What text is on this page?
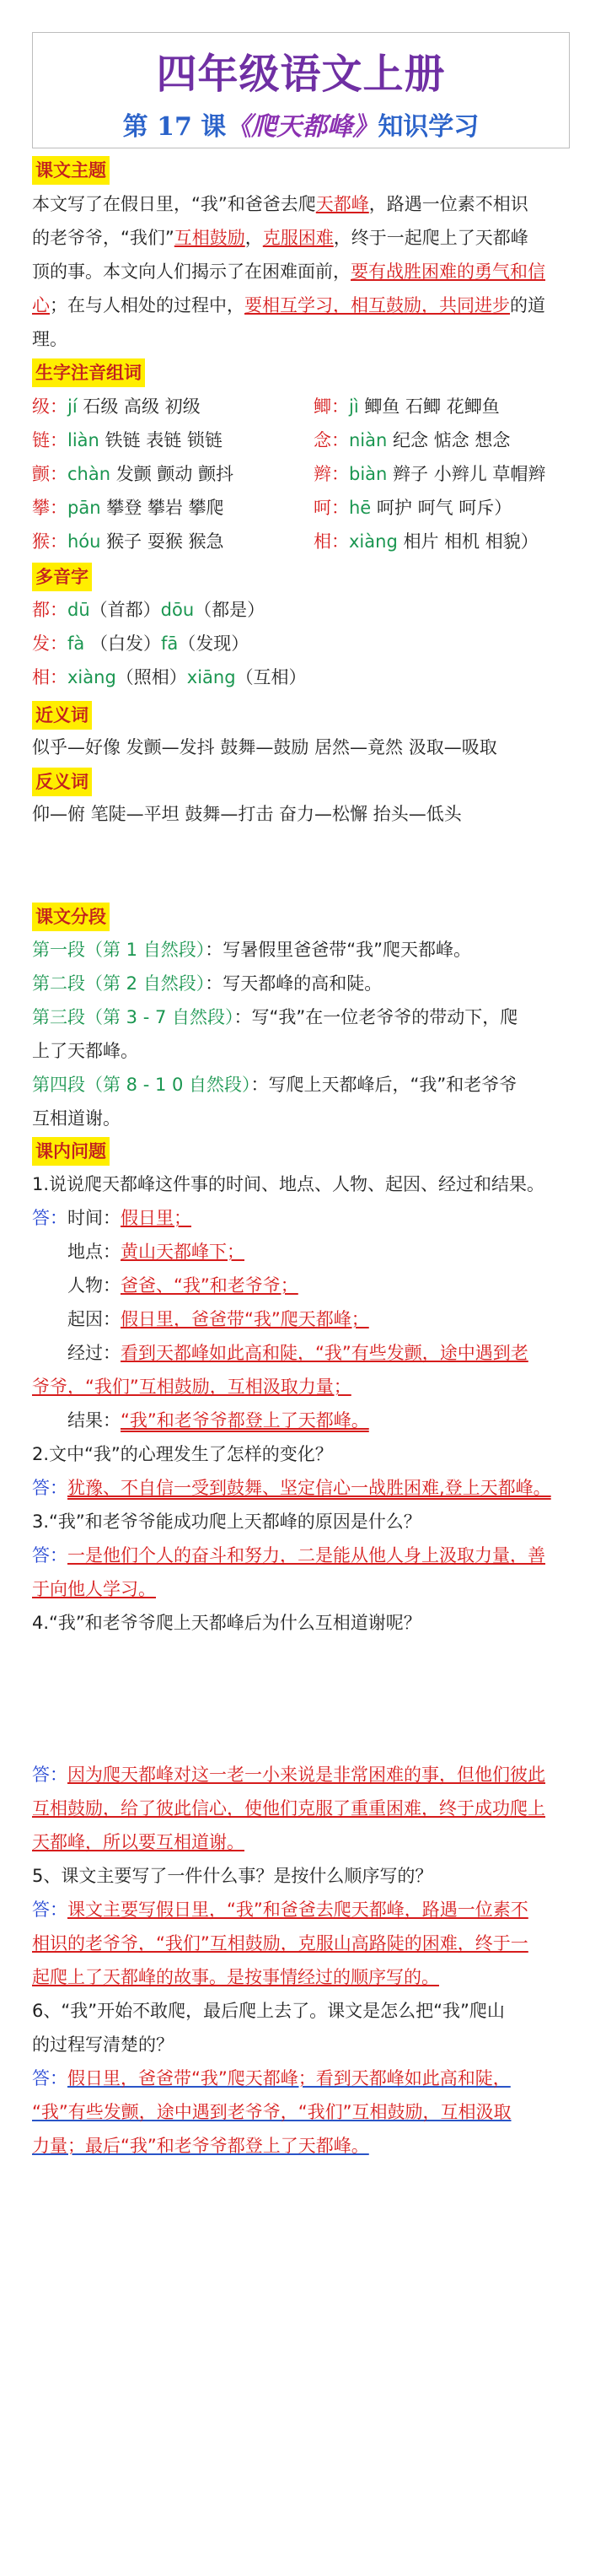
四年级语文上册
第 17 课《爬天都峰》知识学习
课文主题
本文写了在假日里，“我”和爸爸去爬天都峰，路遇一位素不相识
的老爷爷，“我们”互相鼓励，克服困难，终于一起爬上了天都峰
顶的事。本文向人们揭示了在困难面前，要有战胜困难的勇气和信
心；在与人相处的过程中，要相互学习，相互鼓励，共同进步的道
理。
生字注音组词
多音字
近义词
似乎—好像 发颤—发抖 鼓舞—鼓励 居然—竟然 汲取—吸取
反义词
仰—俯 笔陡—平坦 鼓舞—打击 奋力—松懈 抬头—低头
课文分段
课内问题
1.说说爬天都峰这件事的时间、地点、人物、起因、经过和结果。
答：时间：假日里；
地点：黄山天都峰下；
人物：爸爸、“我”和老爷爷；
起因：假日里，爸爸带“我”爬天都峰；
经过：看到天都峰如此高和陡，“我”有些发颤，途中遇到老
爷爷，“我们”互相鼓励，互相汲取力量；
结果：“我”和老爷爷都登上了天都峰。
2.文中“我”的心理发生了怎样的变化？
答：犹豫、不自信一受到鼓舞、坚定信心一战胜困难,登上天都峰。
3.“我”和老爷爷能成功爬上天都峰的原因是什么？
答：一是他们个人的奋斗和努力，二是能从他人身上汲取力量，善
于向他人学习。
4.“我”和老爷爷爬上天都峰后为什么互相道谢呢？
答：因为爬天都峰对这一老一小来说是非常困难的事，但他们彼此
互相鼓励，给了彼此信心，使他们克服了重重困难，终于成功爬上
天都峰，所以要互相道谢。
5、课文主要写了一件什么事？是按什么顺序写的？
答：课文主要写假日里，“我”和爸爸去爬天都峰，路遇一位素不
相识的老爷爷，“我们”互相鼓励，克服山高路陡的困难，终于一
起爬上了天都峰的故事。是按事情经过的顺序写的。
6、“我”开始不敢爬，最后爬上去了。课文是怎么把“我”爬山
的过程写清楚的？
答：假日里，爸爸带“我”爬天都峰；看到天都峰如此高和陡，
“我”有些发颤，途中遇到老爷爷，“我们”互相鼓励，互相汲取
力量；最后“我”和老爷爷都登上了天都峰。
级：jí 石级 高级 初级	鲫：jì 鲫鱼 石鲫 花鲫鱼
链：liàn 铁链 表链 锁链	念：niàn 纪念 惦念 想念
颤：chàn 发颤 颤动 颤抖	辫：biàn 辫子 小辫儿 草帽辫
攀：pān 攀登 攀岩 攀爬	呵：hē 呵护 呵气 呵斥）
猴：hóu 猴子 耍猴 猴急	相：xiàng 相片 相机 相貌）
都：dū（首都）dōu（都是）
发：fà （白发）fā（发现）
相：xiàng（照相）xiāng（互相）
第一段（第 1 自然段）：写暑假里爸爸带“我”爬天都峰。
第二段（第 2 自然段）：写天都峰的高和陡。
第三段（第 3 - 7 自然段）：写“我”在一位老爷爷的带动下，爬
上了天都峰。
第四段（第 8 - 1 0 自然段）：写爬上天都峰后，“我”和老爷爷
互相道谢。
